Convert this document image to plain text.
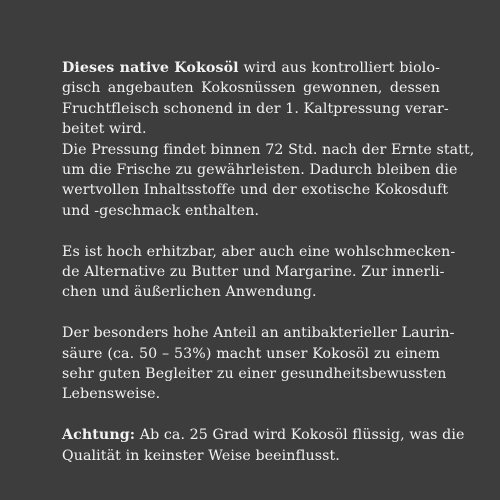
Dieses native Kokosöl wird aus kontrolliert biolo-
gisch angebauten Kokosnüssen gewonnen, dessen
Fruchtfleisch schonend in der 1. Kaltpressung verar-
beitet wird.
Die Pressung findet binnen 72 Std. nach der Ernte statt,
um die Frische zu gewährleisten. Dadurch bleiben die
wertvollen Inhaltsstoffe und der exotische Kokosduft
und -geschmack enthalten.
Es ist hoch erhitzbar, aber auch eine wohlschmecken-
de Alternative zu Butter und Margarine. Zur innerli-
chen und äußerlichen Anwendung.
Der besonders hohe Anteil an antibakterieller Laurin-
säure (ca. 50 – 53%) macht unser Kokosöl zu einem
sehr guten Begleiter zu einer gesundheitsbewussten
Lebensweise.
Achtung: Ab ca. 25 Grad wird Kokosöl flüssig, was die
Qualität in keinster Weise beeinflusst.
